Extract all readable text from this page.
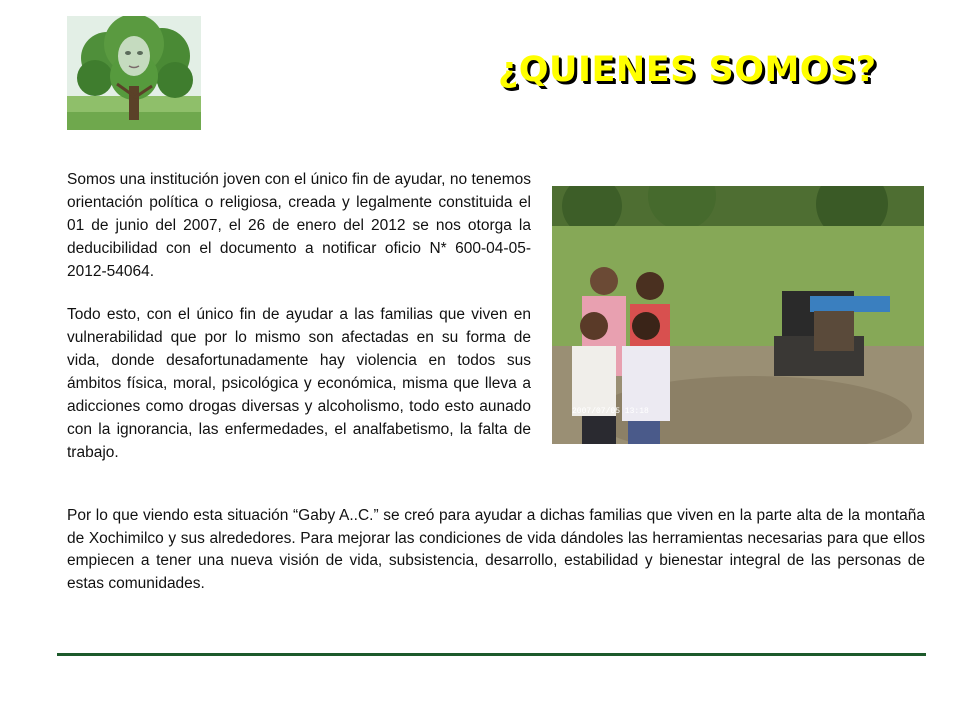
¿QUIENES SOMOS?

Somos una institución joven con el único fin de ayudar, no tenemos orientación política o religiosa, creada y legalmente constituida el 01 de junio del 2007, el 26 de enero del 2012 se nos otorga la deducibilidad con el documento a notificar oficio N* 600-04-05-2012-54064.

Todo esto, con el único fin de ayudar a las familias que viven en vulnerabilidad que por lo mismo son afectadas en su forma de vida, donde desafortunadamente hay violencia en todos sus ámbitos física, moral, psicológica y económica, misma que lleva a adicciones como drogas diversas y alcoholismo, todo esto aunado con la ignorancia, las enfermedades, el analfabetismo, la falta de trabajo.

2007/07/05 13:18

Por lo que viendo esta situación “Gaby A..C.” se creó para ayudar a dichas familias que viven en la parte alta de la montaña de Xochimilco y sus alrededores. Para mejorar las condiciones de vida dándoles las herramientas necesarias para que ellos empiecen a tener una nueva visión de vida, subsistencia, desarrollo, estabilidad y bienestar integral de las personas de estas comunidades.
